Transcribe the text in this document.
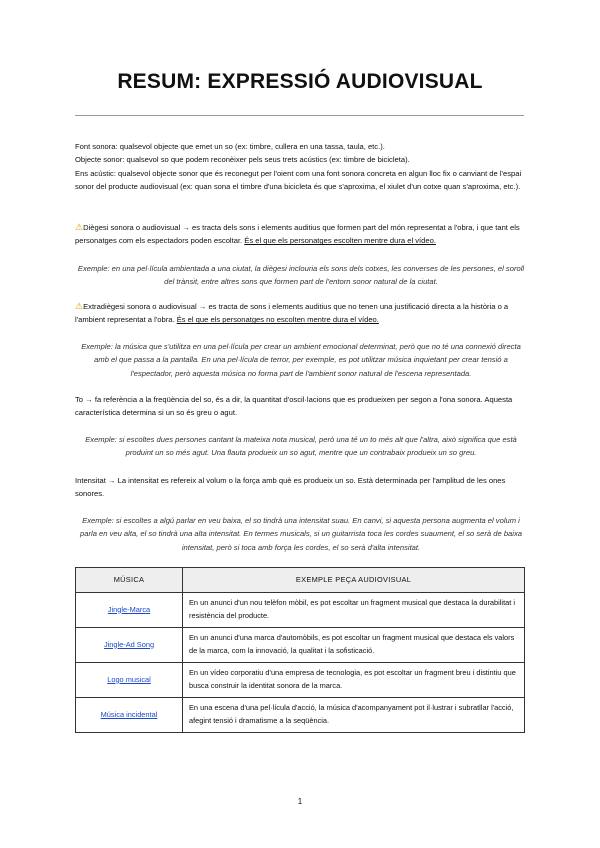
RESUM: EXPRESSIÓ AUDIOVISUAL

Font sonora: qualsevol objecte que emet un so (ex: timbre, cullera en una tassa, taula, etc.).
Objecte sonor: qualsevol so que podem reconèixer pels seus trets acústics (ex: timbre de bicicleta).
Ens acústic: qualsevol objecte sonor que és reconegut per l'oient com una font sonora concreta en algun lloc fix o canviant de l'espai sonor del producte audiovisual (ex: quan sona el timbre d'una bicicleta és que s'aproxima, el xiulet d'un cotxe quan s'aproxima, etc.).

⚠Diègesi sonora o audiovisual → es tracta dels sons i elements auditius que formen part del món representat a l'obra, i que tant els personatges com els espectadors poden escoltar. És el que els personatges escolten mentre dura el vídeo.

Exemple: en una pel·lícula ambientada a una ciutat, la diègesi inclouria els sons dels cotxes, les converses de les persones, el soroll del trànsit, entre altres sons que formen part de l'entorn sonor natural de la ciutat.

⚠Extradiègesi sonora o audiovisual → es tracta de sons i elements auditius que no tenen una justificació directa a la història o a l'ambient representat a l'obra. És el que els personatges no escolten mentre dura el vídeo.

Exemple: la música que s'utilitza en una pel·lícula per crear un ambient emocional determinat, però que no té una connexió directa amb el que passa a la pantalla. En una pel·lícula de terror, per exemple, es pot utilitzar música inquietant per crear tensió a l'espectador, però aquesta música no forma part de l'ambient sonor natural de l'escena representada.

To → fa referència a la freqüència del so, és a dir, la quantitat d'oscil·lacions que es produeixen per segon a l'ona sonora. Aquesta característica determina si un so és greu o agut.

Exemple: si escoltes dues persones cantant la mateixa nota musical, però una té un to més alt que l'altra, això significa que està produint un so més agut. Una flauta produeix un so agut, mentre que un contrabaix produeix un so greu.

Intensitat → La intensitat es refereix al volum o la força amb què es produeix un so. Està determinada per l'amplitud de les ones sonores.

Exemple: si escoltes a algú parlar en veu baixa, el so tindrà una intensitat suau. En canvi, si aquesta persona augmenta el volum i parla en veu alta, el so tindrà una alta intensitat. En termes musicals, si un guitarrista toca les cordes suaument, el so serà de baixa intensitat, però si toca amb força les cordes, el so serà d'alta intensitat.

MÚSICA	EXEMPLE PEÇA AUDIOVISUAL
Jingle-Marca	En un anunci d'un nou telèfon mòbil, es pot escoltar un fragment musical que destaca la durabilitat i resistència del producte.
Jingle-Ad Song	En un anunci d'una marca d'automòbils, es pot escoltar un fragment musical que destaca els valors de la marca, com la innovació, la qualitat i la sofisticació.
Logo musical	En un vídeo corporatiu d'una empresa de tecnologia, es pot escoltar un fragment breu i distintiu que busca construir la identitat sonora de la marca.
Música incidental	En una escena d'una pel·lícula d'acció, la música d'acompanyament pot il·lustrar i subratllar l'acció, afegint tensió i dramatisme a la seqüència.
1
